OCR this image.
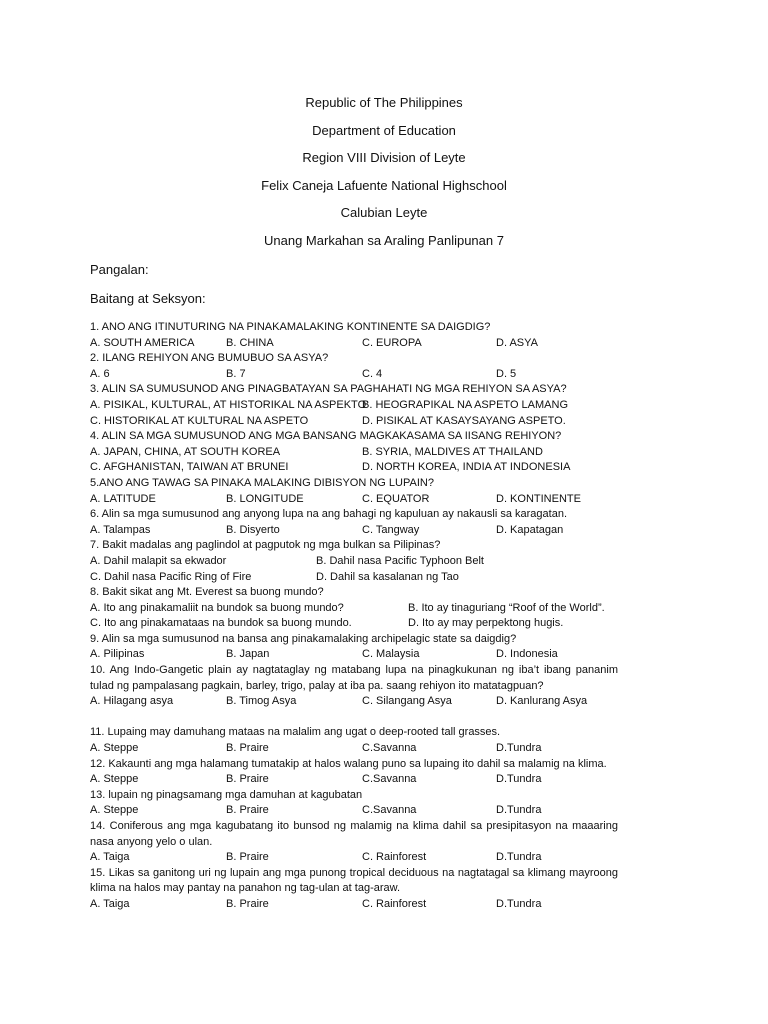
Republic of The Philippines
Department of Education
Region VIII Division of Leyte
Felix Caneja Lafuente National Highschool
Calubian Leyte
Unang Markahan sa Araling Panlipunan 7
Pangalan:
Baitang at Seksyon:
1. ANO ANG ITINUTURING NA PINAKAMALAKING KONTINENTE SA DAIGDIG?
A. SOUTH AMERICA	B. CHINA	C. EUROPA	D. ASYA
2. ILANG REHIYON ANG BUMUBUO SA ASYA?
A. 6	B. 7	C. 4	D. 5
3. ALIN SA SUMUSUNOD ANG PINAGBATAYAN SA PAGHAHATI NG MGA REHIYON SA ASYA?
A. PISIKAL, KULTURAL, AT HISTORIKAL NA ASPEKTO
B. HEOGRAPIKAL NA ASPETO LAMANG
C. HISTORIKAL AT KULTURAL NA ASPETO	D. PISIKAL AT KASAYSAYANG ASPETO.
4. ALIN SA MGA SUMUSUNOD ANG MGA BANSANG MAGKAKASAMA SA IISANG REHIYON?
A. JAPAN, CHINA, AT SOUTH KOREA	B. SYRIA, MALDIVES AT THAILAND
C. AFGHANISTAN, TAIWAN AT BRUNEI	D. NORTH KOREA, INDIA AT INDONESIA
5.ANO ANG TAWAG SA PINAKA MALAKING DIBISYON NG LUPAIN?
A. LATITUDE	B. LONGITUDE	C. EQUATOR	D. KONTINENTE
6. Alin sa mga sumusunod ang anyong lupa na ang bahagi ng kapuluan ay nakausli sa karagatan.
A. Talampas	B. Disyerto	C. Tangway	D. Kapatagan
7. Bakit madalas ang paglindol at pagputok ng mga bulkan sa Pilipinas?
A. Dahil malapit sa ekwador	B. Dahil nasa Pacific Typhoon Belt
C. Dahil nasa Pacific Ring of Fire	D. Dahil sa kasalanan ng Tao
8. Bakit sikat ang Mt. Everest sa buong mundo?
A. Ito ang pinakamaliit na bundok sa buong mundo?	B. Ito ay tinaguriang “Roof of the World”.
C. Ito ang pinakamataas na bundok sa buong mundo.	D. Ito ay may perpektong hugis.
9. Alin sa mga sumusunod na bansa ang pinakamalaking archipelagic state sa daigdig?
A. Pilipinas	B. Japan	C. Malaysia	D. Indonesia
10. Ang Indo-Gangetic plain ay nagtataglay ng matabang lupa na pinagkukunan ng iba’t ibang pananim tulad ng pampalasang pagkain, barley, trigo, palay at iba pa. saang rehiyon ito matatagpuan?
A. Hilagang asya	B. Timog Asya	C. Silangang Asya	D. Kanlurang Asya
11. Lupaing may damuhang mataas na malalim ang ugat o deep-rooted tall grasses.
A. Steppe	B. Praire	C.Savanna	D.Tundra
12. Kakaunti ang mga halamang tumatakip at halos walang puno sa lupaing ito dahil sa malamig na klima.
A. Steppe	B. Praire	C.Savanna	D.Tundra
13. lupain ng pinagsamang mga damuhan at kagubatan
A. Steppe	B. Praire	C.Savanna	D.Tundra
14. Coniferous ang mga kagubatang ito bunsod ng malamig na klima dahil sa presipitasyon na maaaring nasa anyong yelo o ulan.
A. Taiga	B. Praire	C. Rainforest	D.Tundra
15. Likas sa ganitong uri ng lupain ang mga punong tropical deciduous na nagtatagal sa klimang mayroong klima na halos may pantay na panahon ng tag-ulan at tag-araw.
A. Taiga	B. Praire	C. Rainforest	D.Tundra
